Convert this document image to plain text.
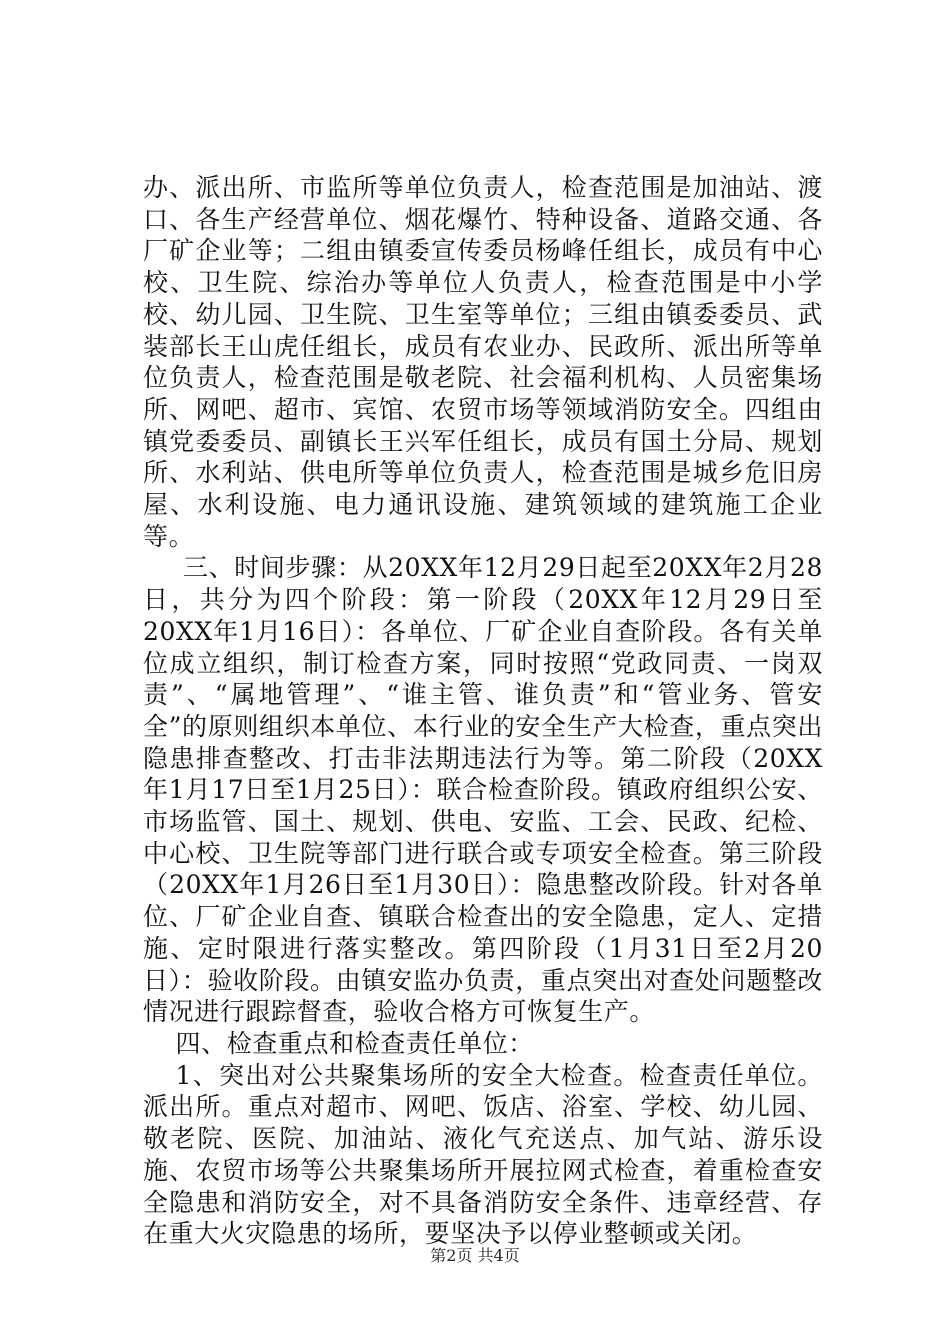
办、派出所、市监所等单位负责人，检查范围是加油站、渡口、各生产经营单位、烟花爆竹、特种设备、道路交通、各厂矿企业等；二组由镇委宣传委员杨峰任组长，成员有中心校、卫生院、综治办等单位人负责人，检查范围是中小学校、幼儿园、卫生院、卫生室等单位；三组由镇委委员、武装部长王山虎任组长，成员有农业办、民政所、派出所等单位负责人，检查范围是敬老院、社会福利机构、人员密集场所、网吧、超市、宾馆、农贸市场等领域消防安全。四组由镇党委委员、副镇长王兴军任组长，成员有国土分局、规划所、水利站、供电所等单位负责人，检查范围是城乡危旧房屋、水利设施、电力通讯设施、建筑领域的建筑施工企业等。

三、时间步骤：从20XX年12月29日起至20XX年2月28日，共分为四个阶段：第一阶段（20XX年12月29日至20XX年1月16日）：各单位、厂矿企业自查阶段。各有关单位成立组织，制订检查方案，同时按照“党政同责、一岗双责”、“属地管理”、“谁主管、谁负责”和“管业务、管安全”的原则组织本单位、本行业的安全生产大检查，重点突出隐患排查整改、打击非法期违法行为等。第二阶段（20XX年1月17日至1月25日）：联合检查阶段。镇政府组织公安、市场监管、国土、规划、供电、安监、工会、民政、纪检、中心校、卫生院等部门进行联合或专项安全检查。第三阶段（20XX年1月26日至1月30日）：隐患整改阶段。针对各单位、厂矿企业自查、镇联合检查出的安全隐患，定人、定措施、定时限进行落实整改。第四阶段（1月31日至2月20日）：验收阶段。由镇安监办负责，重点突出对查处问题整改情况进行跟踪督查，验收合格方可恢复生产。

四、检查重点和检查责任单位：

1、突出对公共聚集场所的安全大检查。检查责任单位。派出所。重点对超市、网吧、饭店、浴室、学校、幼儿园、敬老院、医院、加油站、液化气充送点、加气站、游乐设施、农贸市场等公共聚集场所开展拉网式检查，着重检查安全隐患和消防安全，对不具备消防安全条件、违章经营、存在重大火灾隐患的场所，要坚决予以停业整顿或关闭。

第2页 共4页
